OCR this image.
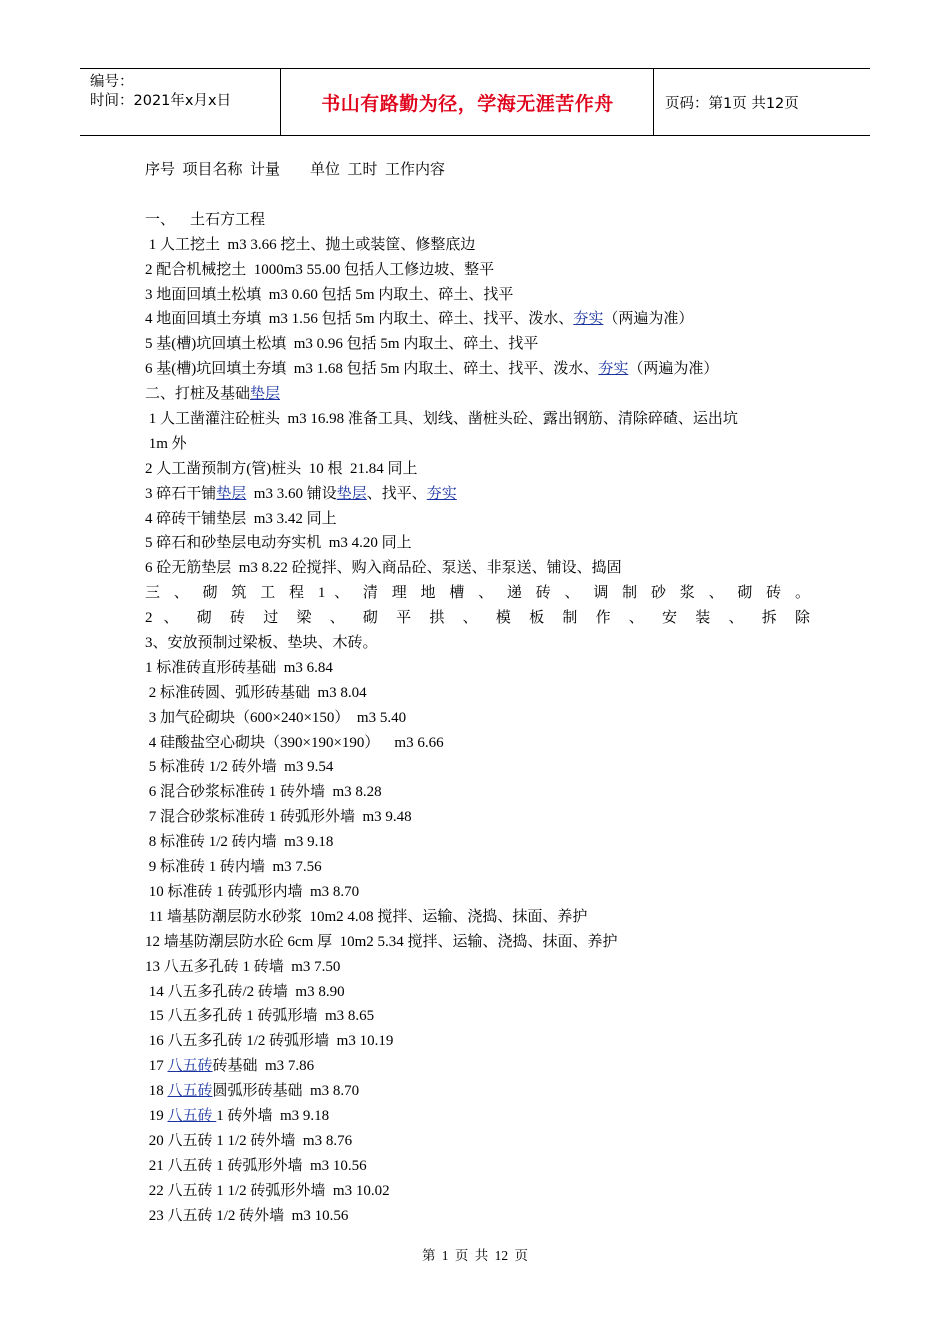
编号：
时间：2021年x月x日	书山有路勤为径，学海无涯苦作舟	页码：第1页 共12页
序号  项目名称  计量        单位  工时  工作内容
一、    土石方工程
1 人工挖土  m3 3.66 挖土、抛土或装筐、修整底边
2 配合机械挖土  1000m3 55.00 包括人工修边坡、整平
3 地面回填土松填  m3 0.60 包括 5m 内取土、碎土、找平
4 地面回填土夯填  m3 1.56 包括 5m 内取土、碎土、找平、泼水、夯实（两遍为准）
5 基(槽)坑回填土松填  m3 0.96 包括 5m 内取土、碎土、找平
6 基(槽)坑回填土夯填  m3 1.68 包括 5m 内取土、碎土、找平、泼水、夯实（两遍为准）
二、打桩及基础垫层
1 人工凿灌注砼桩头  m3 16.98 准备工具、划线、凿桩头砼、露出钢筋、清除碎碴、运出坑
1m 外
2 人工凿预制方(管)桩头  10 根  21.84 同上
3 碎石干铺垫层  m3 3.60 铺设垫层、找平、夯实
4 碎砖干铺垫层  m3 3.42 同上
5 碎石和砂垫层电动夯实机  m3 4.20 同上
6 砼无筋垫层  m3 8.22 砼搅拌、购入商品砼、泵送、非泵送、铺设、捣固
三 、 砌 筑 工 程 1 、 清 理 地 槽 、 递 砖 、 调 制 砂 浆 、 砌 砖 。
2 、 砌 砖 过 梁 、 砌 平 拱 、 模 板 制 作 、 安 装 、 拆 除
3、安放预制过梁板、垫块、木砖。
1 标准砖直形砖基础  m3 6.84
2 标准砖圆、弧形砖基础  m3 8.04
3 加气砼砌块（600×240×150）  m3 5.40
4 硅酸盐空心砌块（390×190×190）    m3 6.66
5 标准砖 1/2 砖外墙  m3 9.54
6 混合砂浆标准砖 1 砖外墙  m3 8.28
7 混合砂浆标准砖 1 砖弧形外墙  m3 9.48
8 标准砖 1/2 砖内墙  m3 9.18
9 标准砖 1 砖内墙  m3 7.56
10 标准砖 1 砖弧形内墙  m3 8.70
11 墙基防潮层防水砂浆  10m2 4.08 搅拌、运输、浇捣、抹面、养护
12 墙基防潮层防水砼 6cm 厚  10m2 5.34 搅拌、运输、浇捣、抹面、养护
13 八五多孔砖 1 砖墙  m3 7.50
14 八五多孔砖/2 砖墙  m3 8.90
15 八五多孔砖 1 砖弧形墙  m3 8.65
16 八五多孔砖 1/2 砖弧形墙  m3 10.19
17 八五砖砖基础  m3 7.86
18 八五砖圆弧形砖基础  m3 8.70
19 八五砖 1 砖外墙  m3 9.18
20 八五砖 1 1/2 砖外墙  m3 8.76
21 八五砖 1 砖弧形外墙  m3 10.56
22 八五砖 1 1/2 砖弧形外墙  m3 10.02
23 八五砖 1/2 砖外墙  m3 10.56
第 1 页 共 12 页
